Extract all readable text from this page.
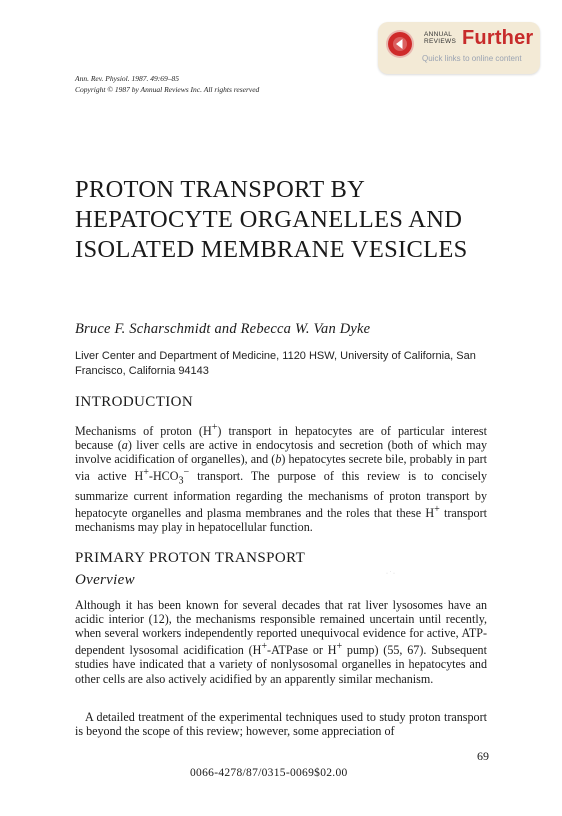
ANNUAL
REVIEWS Further
Quick links to online content
Ann. Rev. Physiol. 1987. 49:69–85
Copyright © 1987 by Annual Reviews Inc. All rights reserved
PROTON TRANSPORT BY
HEPATOCYTE ORGANELLES AND
ISOLATED MEMBRANE VESICLES
Bruce F. Scharschmidt and Rebecca W. Van Dyke
Liver Center and Department of Medicine, 1120 HSW, University of California, San
Francisco, California 94143
INTRODUCTION
Mechanisms of proton (H+) transport in hepatocytes are of particular interest because (a) liver cells are active in endocytosis and secretion (both of which may involve acidification of organelles), and (b) hepatocytes secrete bile, probably in part via active $H^+-HCO_3^-$ transport. The purpose of this review is to concisely summarize current information regarding the mechanisms of proton transport by hepatocyte organelles and plasma membranes and the roles that these H+ transport mechanisms may play in hepatocellular function.
PRIMARY PROTON TRANSPORT
· ˙ ·
Overview
Although it has been known for several decades that rat liver lysosomes have an acidic interior (12), the mechanisms responsible remained uncertain until recently, when several workers independently reported unequivocal evidence for active, ATP-dependent lysosomal acidification (H+-ATPase or H+ pump) (55, 67). Subsequent studies have indicated that a variety of nonlysosomal organelles in hepatocytes and other cells are also actively acidified by an apparently similar mechanism.
A detailed treatment of the experimental techniques used to study proton transport is beyond the scope of this review; however, some appreciation of
69
0066-4278/87/0315-0069$02.00
